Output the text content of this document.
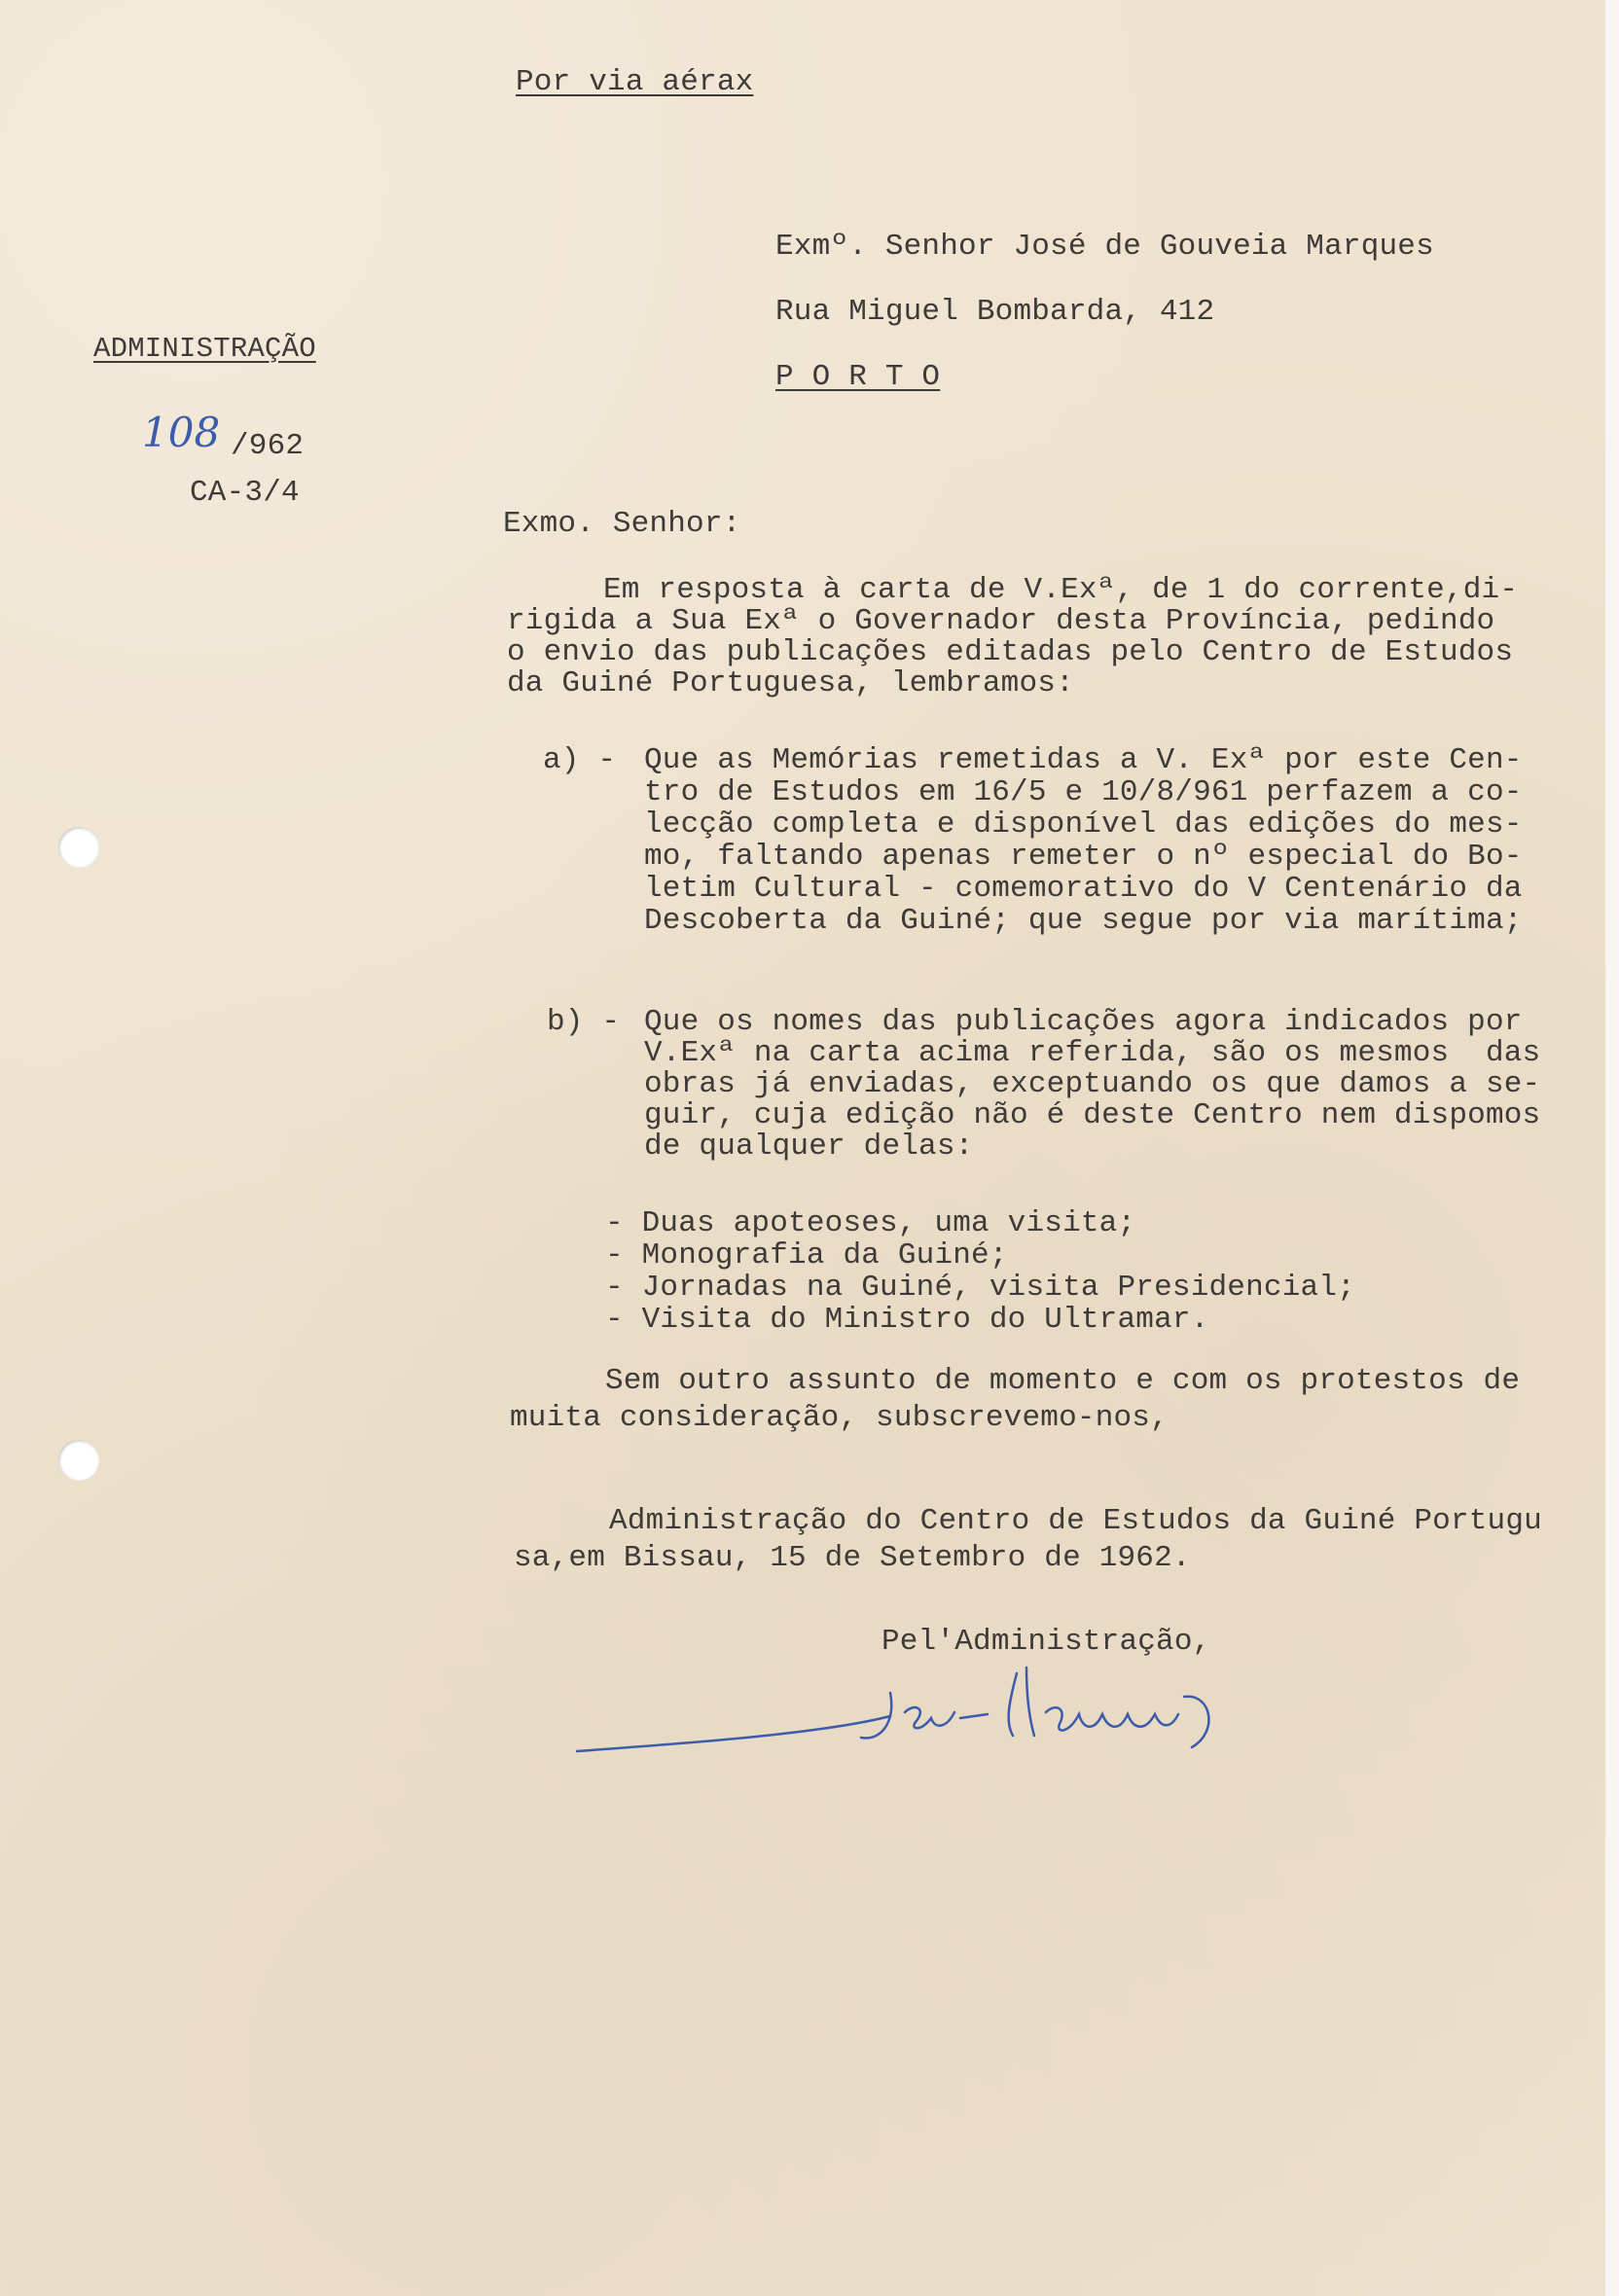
Por via aérax
Exmº. Senhor José de Gouveia Marques
Rua Miguel Bombarda, 412
P O R T O
ADMINISTRAÇÃO
108 /962
CA-3/4
Exmo. Senhor:
Em resposta à carta de V.Exª, de 1 do corrente,di-
rigida a Sua Exª o Governador desta Província, pedindo
o envio das publicações editadas pelo Centro de Estudos
da Guiné Portuguesa, lembramos:
a) - Que as Memórias remetidas a V. Exª por este Cen-
tro de Estudos em 16/5 e 10/8/961 perfazem a co-
lecção completa e disponível das edições do mes-
mo, faltando apenas remeter o nº especial do Bo-
letim Cultural - comemorativo do V Centenário da
Descoberta da Guiné; que segue por via marítima;
b) - Que os nomes das publicações agora indicados por
V.Exª na carta acima referida, são os mesmos  das
obras já enviadas, exceptuando os que damos a se-
guir, cuja edição não é deste Centro nem dispomos
de qualquer delas:
- Duas apoteoses, uma visita;
- Monografia da Guiné;
- Jornadas na Guiné, visita Presidencial;
- Visita do Ministro do Ultramar.
Sem outro assunto de momento e com os protestos de
muita consideração, subscrevemo-nos,
Administração do Centro de Estudos da Guiné Portugu
sa,em Bissau, 15 de Setembro de 1962.
Pel'Administração,
